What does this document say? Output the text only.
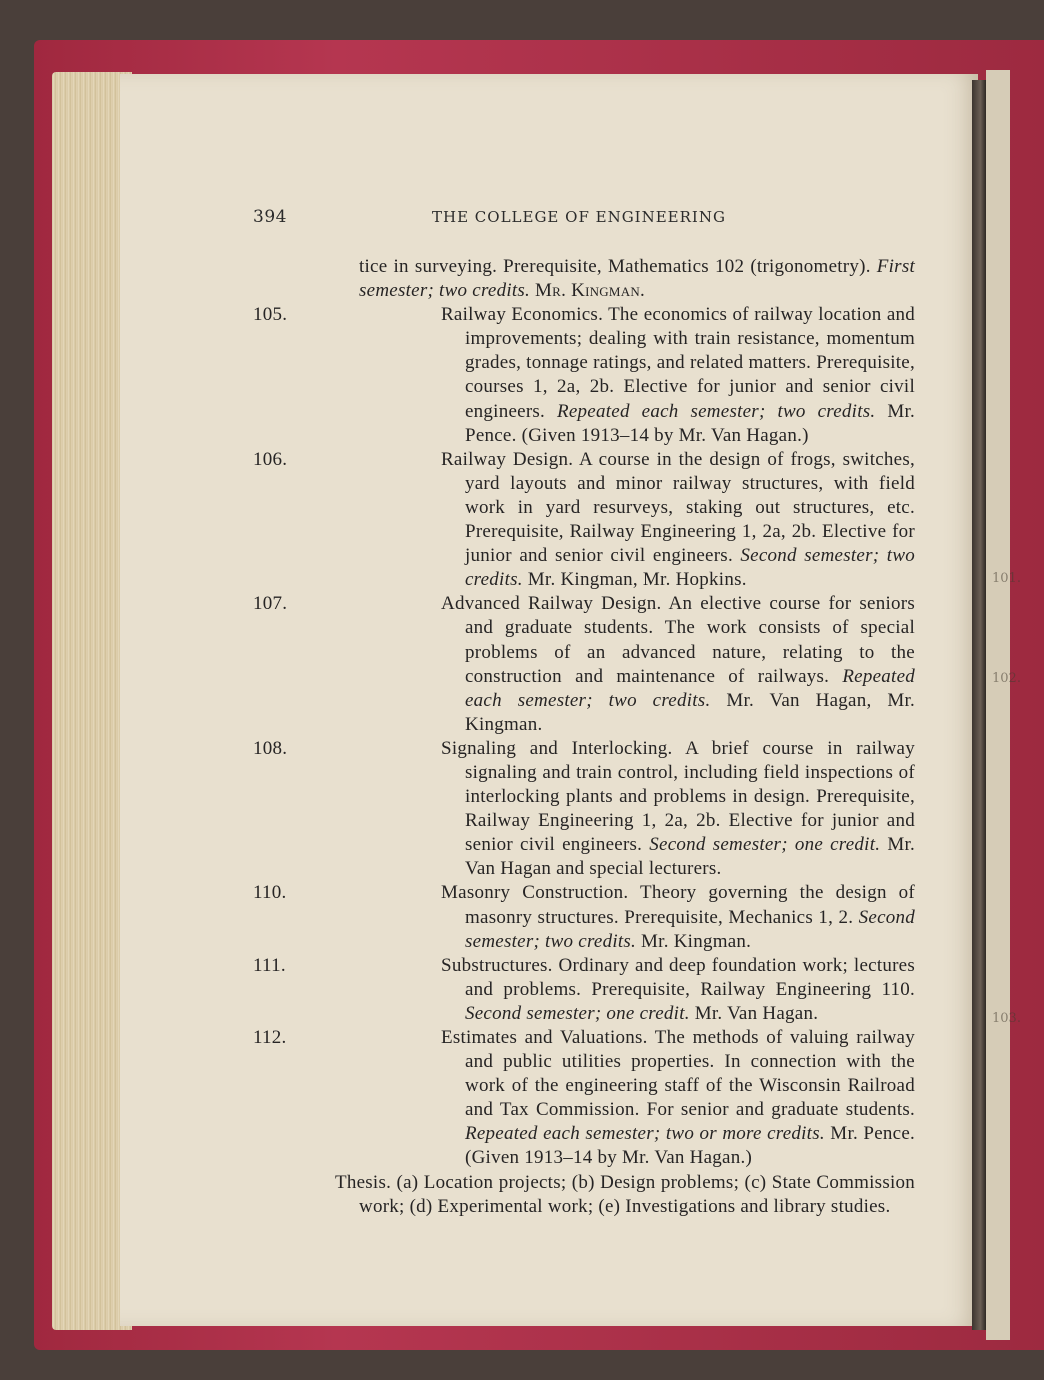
101.
102.
103.
394	THE COLLEGE OF ENGINEERING
tice in surveying. Prerequisite, Mathematics 102 (trigonometry). First semester; two credits. Mr. Kingman.
105.	Railway Economics. The economics of railway location and improvements; dealing with train resistance, momentum grades, tonnage ratings, and related matters. Prerequisite, courses 1, 2a, 2b. Elective for junior and senior civil engineers. Repeated each semester; two credits. Mr. Pence. (Given 1913–14 by Mr. Van Hagan.)
106.	Railway Design. A course in the design of frogs, switches, yard layouts and minor railway structures, with field work in yard resurveys, staking out structures, etc. Prerequisite, Railway Engineering 1, 2a, 2b. Elective for junior and senior civil engineers. Second semester; two credits. Mr. Kingman, Mr. Hopkins.
107.	Advanced Railway Design. An elective course for seniors and graduate students. The work consists of special problems of an advanced nature, relating to the construction and maintenance of railways. Repeated each semester; two credits. Mr. Van Hagan, Mr. Kingman.
108.	Signaling and Interlocking. A brief course in railway signaling and train control, including field inspections of interlocking plants and problems in design. Prerequisite, Railway Engineering 1, 2a, 2b. Elective for junior and senior civil engineers. Second semester; one credit. Mr. Van Hagan and special lecturers.
110.	Masonry Construction. Theory governing the design of masonry structures. Prerequisite, Mechanics 1, 2. Second semester; two credits. Mr. Kingman.
111.	Substructures. Ordinary and deep foundation work; lectures and problems. Prerequisite, Railway Engineering 110. Second semester; one credit. Mr. Van Hagan.
112.	Estimates and Valuations. The methods of valuing railway and public utilities properties. In connection with the work of the engineering staff of the Wisconsin Railroad and Tax Commission. For senior and graduate students. Repeated each semester; two or more credits. Mr. Pence. (Given 1913–14 by Mr. Van Hagan.)
Thesis. (a) Location projects; (b) Design problems; (c) State Commission work; (d) Experimental work; (e) Investigations and library studies.
